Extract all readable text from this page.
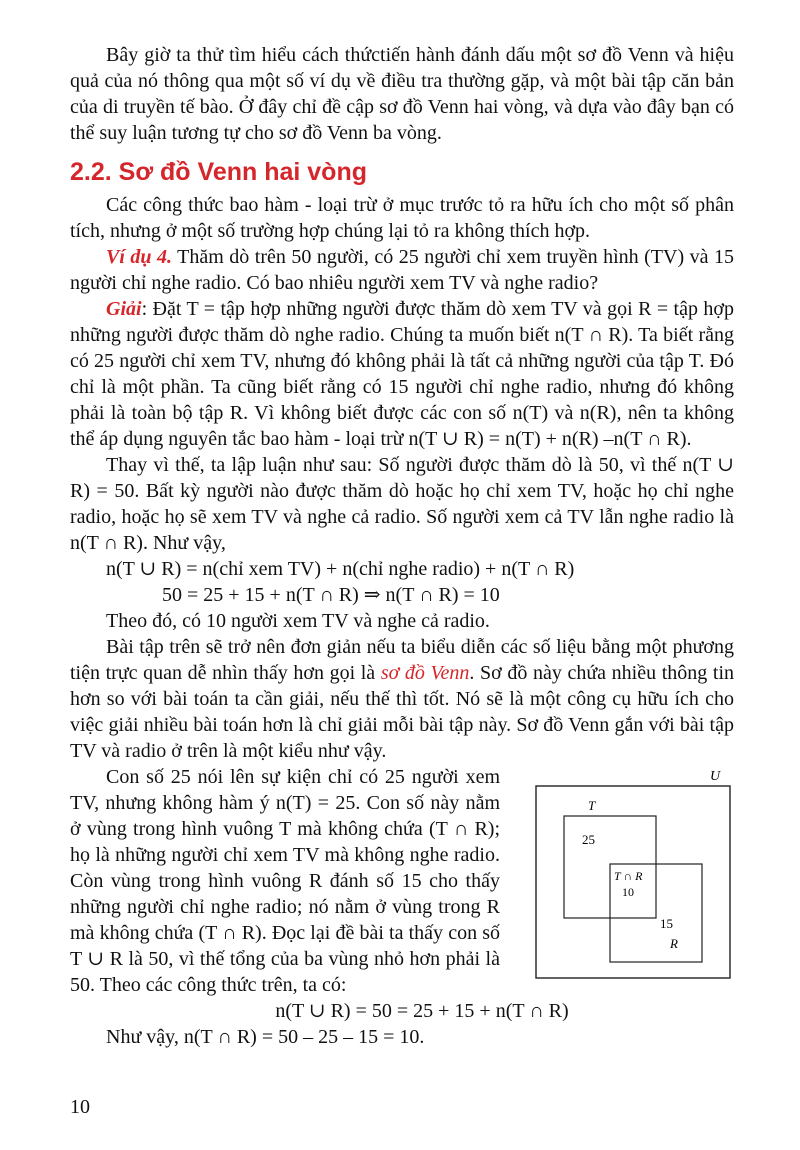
Bây giờ ta thử tìm hiểu cách thứctiến hành đánh dấu một sơ đồ Venn và hiệu quả của nó thông qua một số ví dụ về điều tra thường gặp, và một bài tập căn bản của di truyền tế bào. Ở đây chỉ đề cập sơ đồ Venn hai vòng, và dựa vào đây bạn có thể suy luận tương tự cho sơ đồ Venn ba vòng.

2.2. Sơ đồ Venn hai vòng

Các công thức bao hàm - loại trừ ở mục trước tỏ ra hữu ích cho một số phân tích, nhưng ở một số trường hợp chúng lại tỏ ra không thích hợp.

Ví dụ 4. Thăm dò trên 50 người, có 25 người chỉ xem truyền hình (TV) và 15 người chỉ nghe radio. Có bao nhiêu người xem TV và nghe radio?

Giải: Đặt T = tập hợp những người được thăm dò xem TV và gọi R = tập hợp những người được thăm dò nghe radio. Chúng ta muốn biết n(T ∩ R). Ta biết rằng có 25 người chỉ xem TV, nhưng đó không phải là tất cả những người của tập T. Đó chỉ là một phần. Ta cũng biết rằng có 15 người chỉ nghe radio, nhưng đó không phải là toàn bộ tập R. Vì không biết được các con số n(T) và n(R), nên ta không thể áp dụng nguyên tắc bao hàm - loại trừ n(T ∪ R) = n(T) + n(R) –n(T ∩ R).

Thay vì thế, ta lập luận như sau: Số người được thăm dò là 50, vì thế n(T ∪ R) = 50. Bất kỳ người nào được thăm dò hoặc họ chỉ xem TV, hoặc họ chỉ nghe radio, hoặc họ sẽ xem TV và nghe cả radio. Số người xem cả TV lẫn nghe radio là n(T ∩ R). Như vậy,

n(T ∪ R) = n(chỉ xem TV) + n(chỉ nghe radio) + n(T ∩ R)

50 = 25 + 15 + n(T ∩ R) ⇒ n(T ∩ R) = 10

Theo đó, có 10 người xem TV và nghe cả radio.

Bài tập trên sẽ trở nên đơn giản nếu ta biểu diễn các số liệu bằng một phương tiện trực quan dễ nhìn thấy hơn gọi là sơ đồ Venn. Sơ đồ này chứa nhiều thông tin hơn so với bài toán ta cần giải, nếu thế thì tốt. Nó sẽ là một công cụ hữu ích cho việc giải nhiều bài toán hơn là chỉ giải mỗi bài tập này. Sơ đồ Venn gắn với bài tập TV và radio ở trên là một kiểu như vậy.

Con số 25 nói lên sự kiện chỉ có 25 người xem TV, nhưng không hàm ý n(T) = 25. Con số này nằm ở vùng trong hình vuông T mà không chứa (T ∩ R); họ là những người chỉ xem TV mà không nghe radio. Còn vùng trong hình vuông R đánh số 15 cho thấy những người chỉ nghe radio; nó nằm ở vùng trong R mà không chứa (T ∩ R). Đọc lại đề bài ta thấy con số T ∪ R là 50, vì thế tổng của ba vùng nhỏ hơn phải là 50. Theo các công thức trên, ta có:

U
T
R
25
T ∩ R
10
15

n(T ∪ R) = 50 = 25 + 15 + n(T ∩ R)

Như vậy, n(T ∩ R) = 50 – 25 – 15 = 10.

10
